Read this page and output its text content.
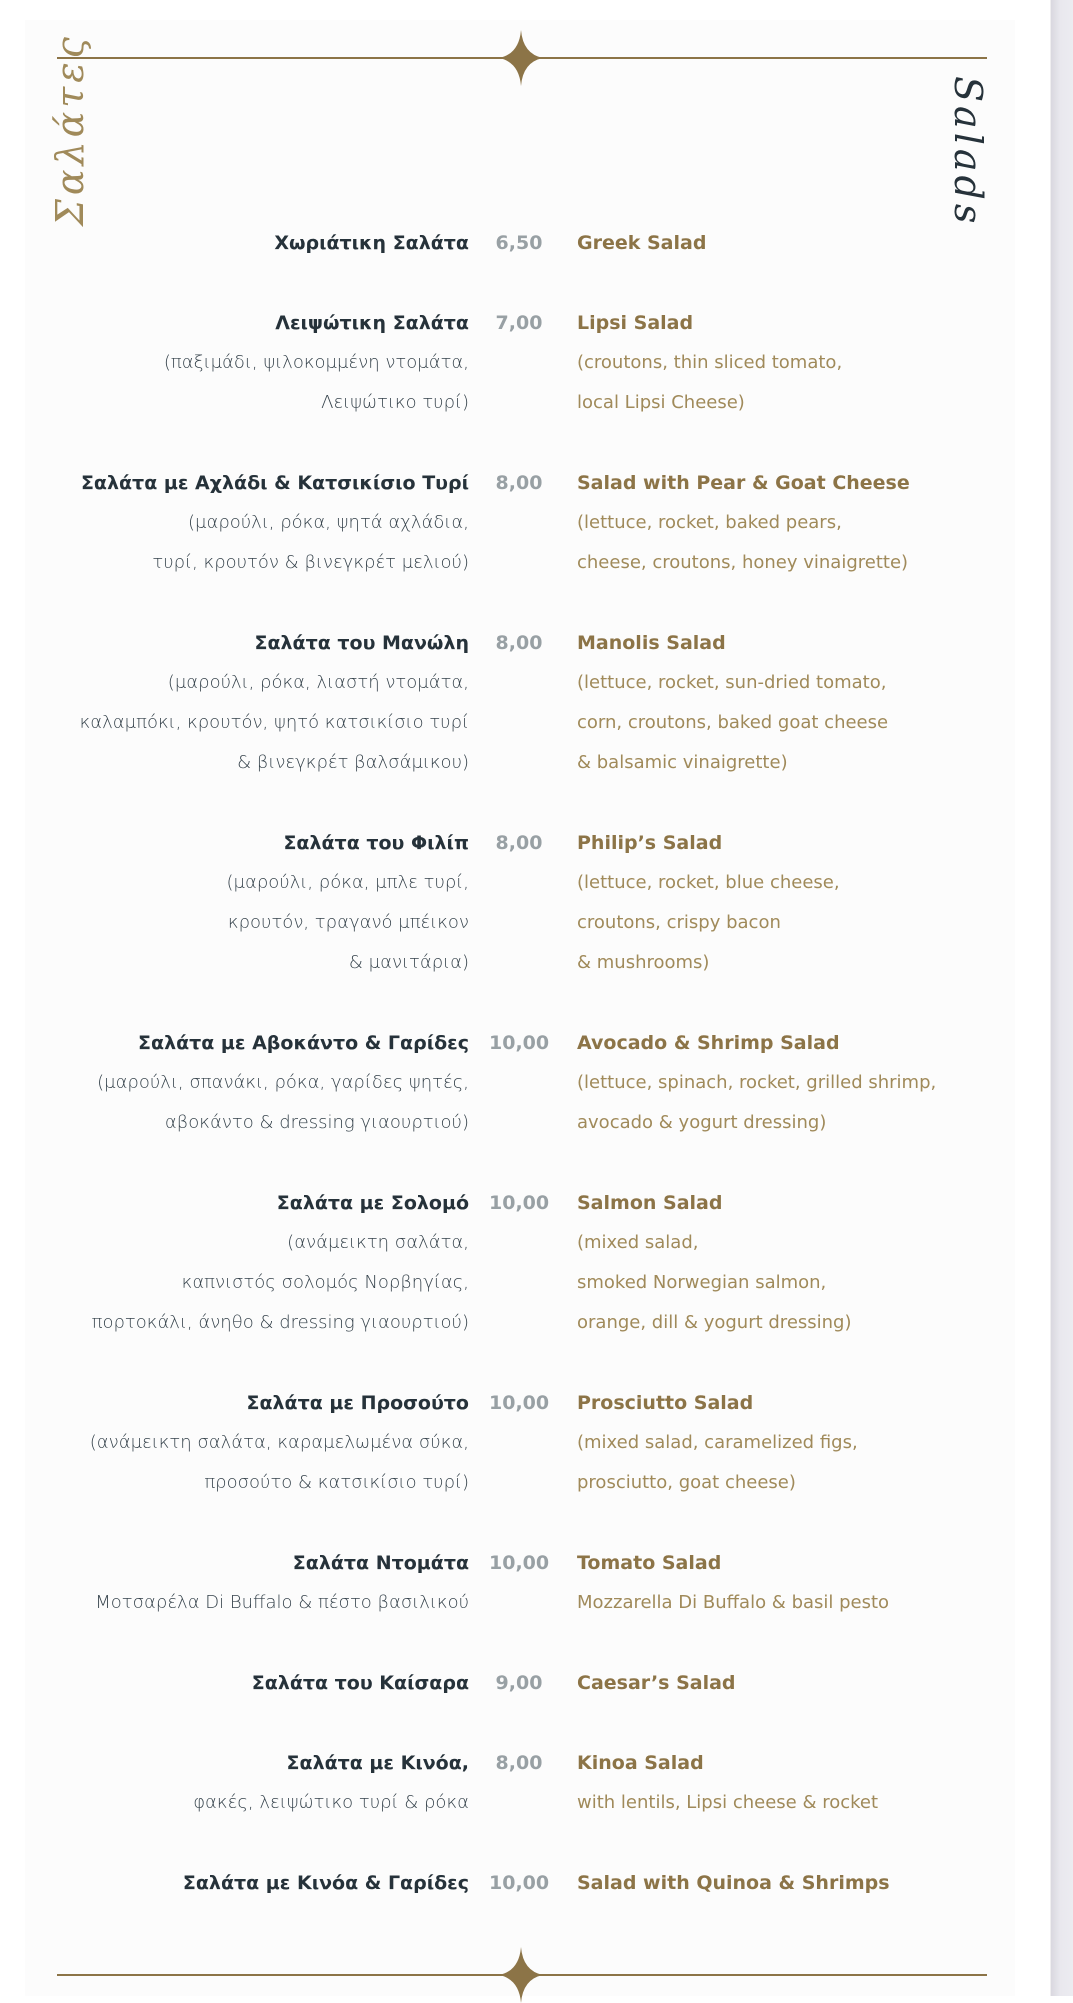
Σαλάτες	Salads
Χωριάτικη Σαλάτα	6,50	Greek Salad
Λειψώτικη Σαλάτα
(παξιμάδι, ψιλοκομμένη ντομάτα,
Λειψώτικο τυρί)
7,00	Lipsi Salad
(croutons, thin sliced tomato,
local Lipsi Cheese)
Σαλάτα με Αχλάδι & Κατσικίσιο Τυρί
(μαρούλι, ρόκα, ψητά αχλάδια,
τυρί, κρουτόν & βινεγκρέτ μελιού)
8,00	Salad with Pear & Goat Cheese
(lettuce, rocket, baked pears,
cheese, croutons, honey vinaigrette)
Σαλάτα του Μανώλη
(μαρούλι, ρόκα, λιαστή ντομάτα,
καλαμπόκι, κρουτόν, ψητό κατσικίσιο τυρί
& βινεγκρέτ βαλσάμικου)
8,00	Manolis Salad
(lettuce, rocket, sun-dried tomato,
corn, croutons, baked goat cheese
& balsamic vinaigrette)
Σαλάτα του Φιλίπ
(μαρούλι, ρόκα, μπλε τυρί,
κρουτόν, τραγανό μπέικον
& μανιτάρια)
8,00	Philip’s Salad
(lettuce, rocket, blue cheese,
croutons, crispy bacon
& mushrooms)
Σαλάτα με Αβοκάντο & Γαρίδες
(μαρούλι, σπανάκι, ρόκα, γαρίδες ψητές,
αβοκάντο & dressing γιαουρτιού)
10,00 Avocado & Shrimp Salad
(lettuce, spinach, rocket, grilled shrimp,
avocado & yogurt dressing)
Σαλάτα με Σολομό
(ανάμεικτη σαλάτα,
καπνιστός σολομός Νορβηγίας,
πορτοκάλι, άνηθο & dressing γιαουρτιού)
10,00 Salmon Salad
(mixed salad,
smoked Norwegian salmon,
orange, dill & yogurt dressing)
Σαλάτα με Προσούτο
(ανάμεικτη σαλάτα, καραμελωμένα σύκα,
προσούτο & κατσικίσιο τυρί)
10,00 Prosciutto Salad
(mixed salad, caramelized figs,
prosciutto, goat cheese)
Σαλάτα Ντομάτα
Μοτσαρέλα Di Buffalo & πέστο βασιλικού
10,00 Tomato Salad
Mozzarella Di Buffalo & basil pesto
Σαλάτα του Καίσαρα	9,00	Caesar’s Salad
Σαλάτα με Κινόα,
φακές, λειψώτικο τυρί & ρόκα
8,00	Kinoa Salad
with lentils, Lipsi cheese & rocket
Σαλάτα με Κινόα & Γαρίδες 10,00 Salad with Quinoa & Shrimps
